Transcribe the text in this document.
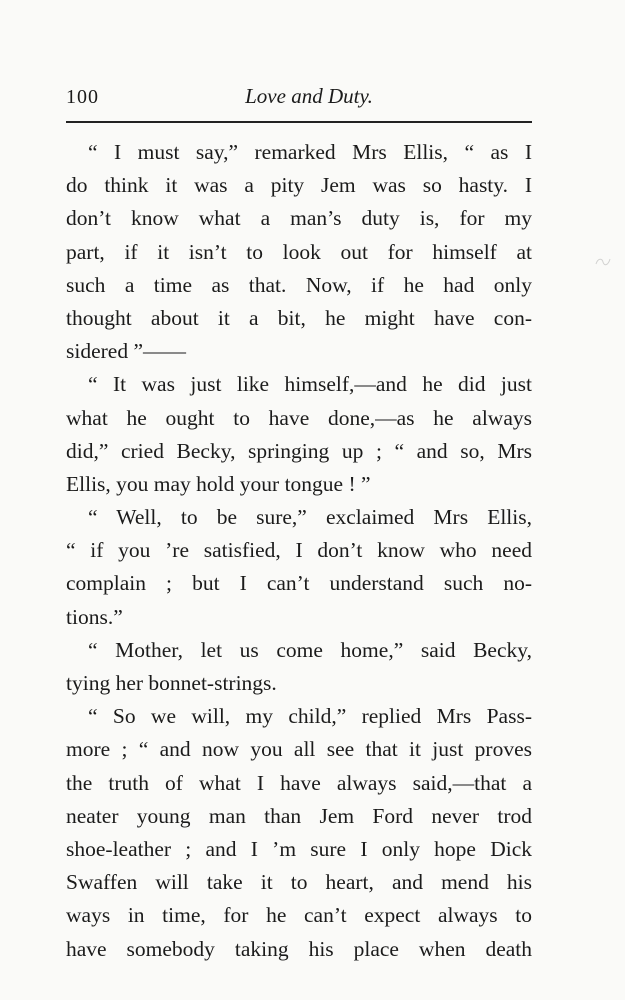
100	Love and Duty.
“ I must say,” remarked Mrs Ellis, “ as I
do think it was a pity Jem was so hasty. I
don’t know what a man’s duty is, for my
part, if it isn’t to look out for himself at
such a time as that. Now, if he had only
thought about it a bit, he might have con-
sidered ”——
“ It was just like himself,—and he did just
what he ought to have done,—as he always
did,” cried Becky, springing up ; “ and so, Mrs
Ellis, you may hold your tongue ! ”
“ Well, to be sure,” exclaimed Mrs Ellis,
“ if you ’re satisfied, I don’t know who need
complain ; but I can’t understand such no-
tions.”
“ Mother, let us come home,” said Becky,
tying her bonnet-strings.
“ So we will, my child,” replied Mrs Pass-
more ; “ and now you all see that it just proves
the truth of what I have always said,—that a
neater young man than Jem Ford never trod
shoe-leather ; and I ’m sure I only hope Dick
Swaffen will take it to heart, and mend his
ways in time, for he can’t expect always to
have somebody taking his place when death
